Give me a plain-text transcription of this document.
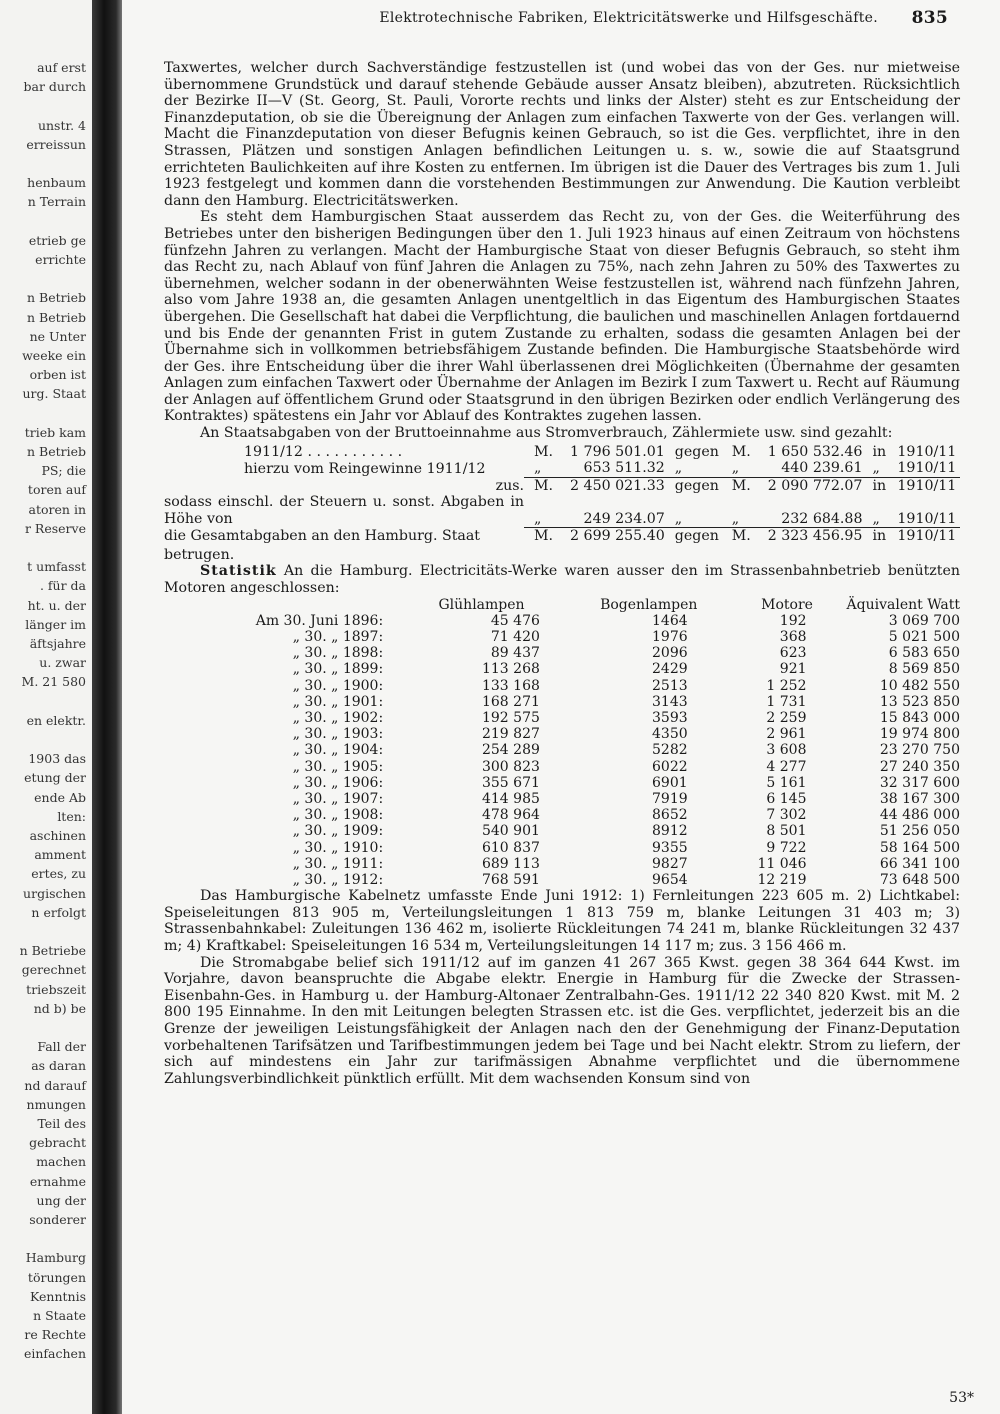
auf erst
bar durch
unstr. 4
erreissun
henbaum
n Terrain
etrieb ge
errichte
n Betrieb
n Betrieb
ne Unter
weeke ein
orben ist
urg. Staat
trieb kam
n Betrieb
PS; die
toren auf
atoren in
r Reserve
t umfasst
. für da
ht. u. der
länger im
äftsjahre
u. zwar
M. 21 580
en elektr.
1903 das
etung der
ende Ab
lten:
aschinen
amment
ertes, zu
urgischen
n erfolgt
n Betriebe
gerechnet
triebszeit
nd b) be
Fall der
as daran
nd darauf
nmungen
Teil des
gebracht
machen
ernahme
ung der
sonderer
Hamburg
törungen
Kenntnis
n Staate
re Rechte
einfachen
Elektrotechnische Fabriken, Elektricitätswerke und Hilfsgeschäfte. 835

Taxwertes, welcher durch Sachverständige festzustellen ist (und wobei das von der Ges. nur mietweise übernommene Grundstück und darauf stehende Gebäude ausser Ansatz bleiben), abzutreten. Rücksichtlich der Bezirke II—V (St. Georg, St. Pauli, Vororte rechts und links der Alster) steht es zur Entscheidung der Finanzdeputation, ob sie die Übereignung der Anlagen zum einfachen Taxwerte von der Ges. verlangen will. Macht die Finanzdeputation von dieser Befugnis keinen Gebrauch, so ist die Ges. verpflichtet, ihre in den Strassen, Plätzen und sonstigen Anlagen befindlichen Leitungen u. s. w., sowie die auf Staatsgrund errichteten Baulichkeiten auf ihre Kosten zu entfernen. Im übrigen ist die Dauer des Vertrages bis zum 1. Juli 1923 festgelegt und kommen dann die vorstehenden Bestimmungen zur Anwendung. Die Kaution verbleibt dann den Hamburg. Electricitätswerken.

Es steht dem Hamburgischen Staat ausserdem das Recht zu, von der Ges. die Weiterführung des Betriebes unter den bisherigen Bedingungen über den 1. Juli 1923 hinaus auf einen Zeitraum von höchstens fünfzehn Jahren zu verlangen. Macht der Hamburgische Staat von dieser Befugnis Gebrauch, so steht ihm das Recht zu, nach Ablauf von fünf Jahren die Anlagen zu 75%, nach zehn Jahren zu 50% des Taxwertes zu übernehmen, welcher sodann in der obenerwähnten Weise festzustellen ist, während nach fünfzehn Jahren, also vom Jahre 1938 an, die gesamten Anlagen unentgeltlich in das Eigentum des Hamburgischen Staates übergehen. Die Gesellschaft hat dabei die Verpflichtung, die baulichen und maschinellen Anlagen fortdauernd und bis Ende der genannten Frist in gutem Zustande zu erhalten, sodass die gesamten Anlagen bei der Übernahme sich in vollkommen betriebsfähigem Zustande befinden. Die Hamburgische Staatsbehörde wird der Ges. ihre Entscheidung über die ihrer Wahl überlassenen drei Möglichkeiten (Übernahme der gesamten Anlagen zum einfachen Taxwert oder Übernahme der Anlagen im Bezirk I zum Taxwert u. Recht auf Räumung der Anlagen auf öffentlichem Grund oder Staatsgrund in den übrigen Bezirken oder endlich Verlängerung des Kontraktes) spätestens ein Jahr vor Ablauf des Kontraktes zugehen lassen.

An Staatsabgaben von der Bruttoeinnahme aus Stromverbrauch, Zählermiete usw. sind gezahlt:

1911/12 . . . . . . . . . . .	M.	1 796 501.01	gegen	M.	1 650 532.46	in	1910/11
hierzu vom Reingewinne 1911/12	„	653 511.32	„	„	440 239.61	„	1910/11
zus.	M.	2 450 021.33	gegen	M.	2 090 772.07	in	1910/11
sodass einschl. der Steuern u. sonst. Abgaben in Höhe von	„	249 234.07	„	„	232 684.88	„	1910/11
die Gesamtabgaben an den Hamburg. Staat	M.	2 699 255.40	gegen	M.	2 323 456.95	in	1910/11

betrugen.

Statistik An die Hamburg. Electricitäts-Werke waren ausser den im Strassenbahnbetrieb benützten Motoren angeschlossen:

	Glühlampen	Bogenlampen	Motore	Äquivalent Watt
Am 30. Juni 1896:	45 476	1464	192	3 069 700
„ 30. „ 1897:	71 420	1976	368	5 021 500
„ 30. „ 1898:	89 437	2096	623	6 583 650
„ 30. „ 1899:	113 268	2429	921	8 569 850
„ 30. „ 1900:	133 168	2513	1 252	10 482 550
„ 30. „ 1901:	168 271	3143	1 731	13 523 850
„ 30. „ 1902:	192 575	3593	2 259	15 843 000
„ 30. „ 1903:	219 827	4350	2 961	19 974 800
„ 30. „ 1904:	254 289	5282	3 608	23 270 750
„ 30. „ 1905:	300 823	6022	4 277	27 240 350
„ 30. „ 1906:	355 671	6901	5 161	32 317 600
„ 30. „ 1907:	414 985	7919	6 145	38 167 300
„ 30. „ 1908:	478 964	8652	7 302	44 486 000
„ 30. „ 1909:	540 901	8912	8 501	51 256 050
„ 30. „ 1910:	610 837	9355	9 722	58 164 500
„ 30. „ 1911:	689 113	9827	11 046	66 341 100
„ 30. „ 1912:	768 591	9654	12 219	73 648 500

Das Hamburgische Kabelnetz umfasste Ende Juni 1912: 1) Fernleitungen 223 605 m. 2) Lichtkabel: Speiseleitungen 813 905 m, Verteilungsleitungen 1 813 759 m, blanke Leitungen 31 403 m; 3) Strassenbahnkabel: Zuleitungen 136 462 m, isolierte Rückleitungen 74 241 m, blanke Rückleitungen 32 437 m; 4) Kraftkabel: Speiseleitungen 16 534 m, Verteilungsleitungen 14 117 m; zus. 3 156 466 m.

Die Stromabgabe belief sich 1911/12 auf im ganzen 41 267 365 Kwst. gegen 38 364 644 Kwst. im Vorjahre, davon beanspruchte die Abgabe elektr. Energie in Hamburg für die Zwecke der Strassen-Eisenbahn-Ges. in Hamburg u. der Hamburg-Altonaer Zentralbahn-Ges. 1911/12 22 340 820 Kwst. mit M. 2 800 195 Einnahme. In den mit Leitungen belegten Strassen etc. ist die Ges. verpflichtet, jederzeit bis an die Grenze der jeweiligen Leistungsfähigkeit der Anlagen nach den der Genehmigung der Finanz-Deputation vorbehaltenen Tarifsätzen und Tarifbestimmungen jedem bei Tage und bei Nacht elektr. Strom zu liefern, der sich auf mindestens ein Jahr zur tarifmässigen Abnahme verpflichtet und die übernommene Zahlungsverbindlichkeit pünktlich erfüllt. Mit dem wachsenden Konsum sind von

53*
